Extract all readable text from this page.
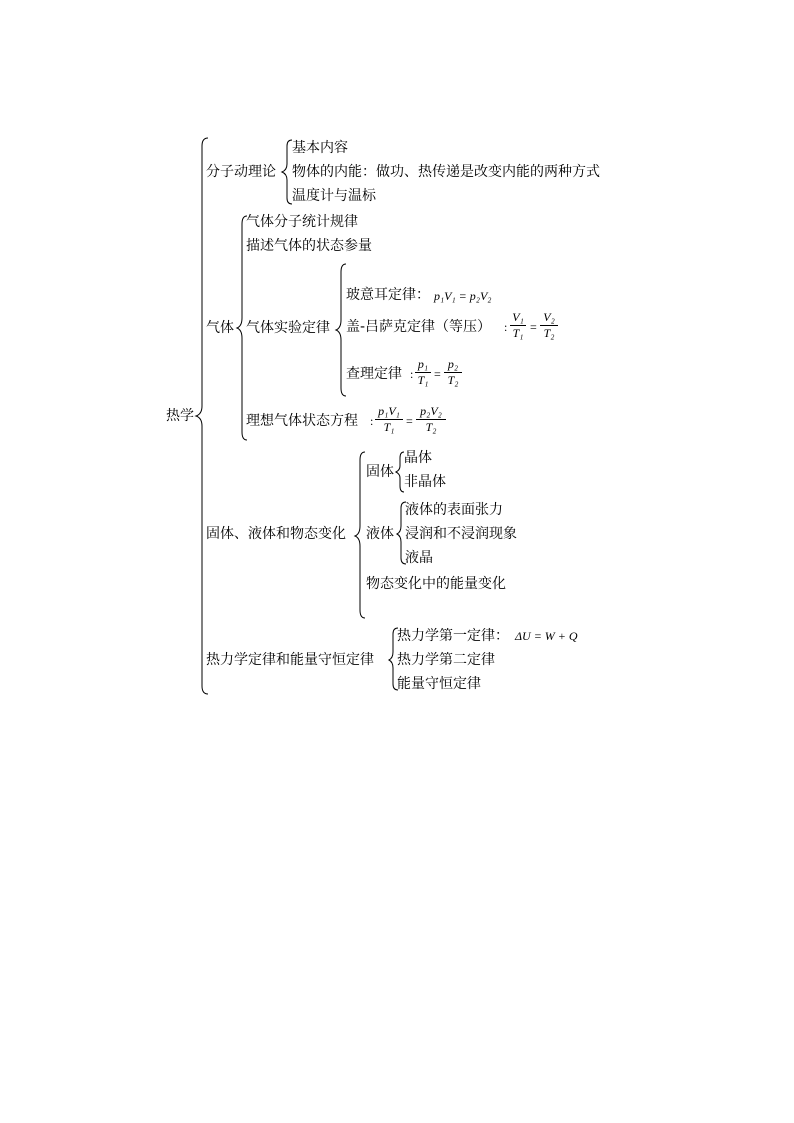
热学
分子动理论
基本内容
物体的内能：做功、热传递是改变内能的两种方式
温度计与温标
气体
气体分子统计规律
描述气体的状态参量
气体实验定律
玻意耳定律： p₁V₁ = p₂V₂
盖-吕萨克定律（等压） :
V₁
T₁ =
V₂
T₂
查理定律 :
p₁
T₁ =
p₂
T₂
理想气体状态方程 :
p₁V₁
T₁ =
p₂V₂
T₂
固体、液体和物态变化
固体
晶体
非晶体
液体
液体的表面张力
浸润和不浸润现象
液晶
物态变化中的能量变化
热力学定律和能量守恒定律
热力学第一定律： ΔU = W + Q
热力学第二定律
能量守恒定律
